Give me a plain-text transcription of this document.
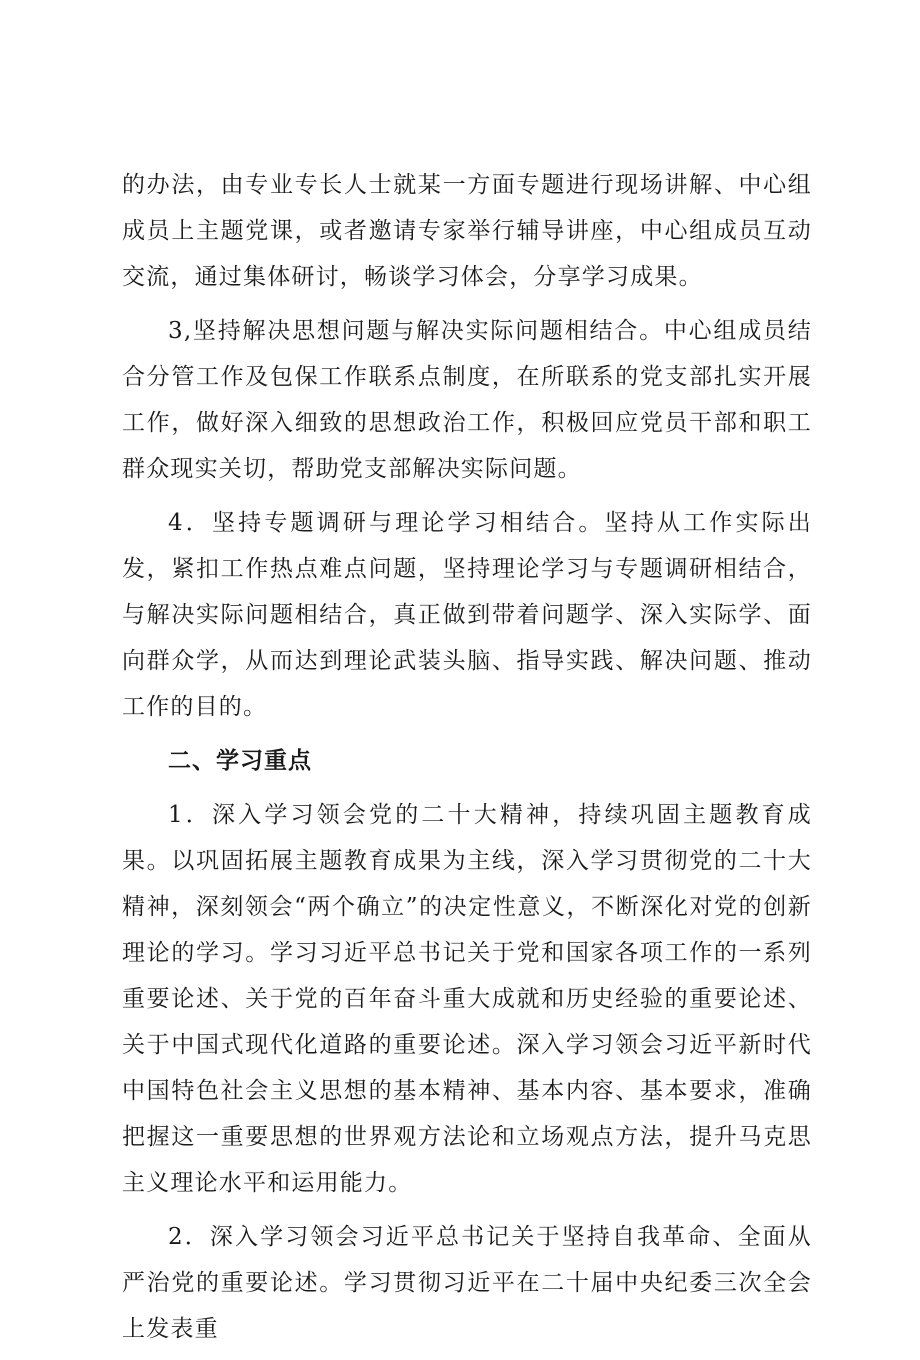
的办法，由专业专长人士就某一方面专题进行现场讲解、中心组成员上主题党课，或者邀请专家举行辅导讲座，中心组成员互动交流，通过集体研讨，畅谈学习体会，分享学习成果。

3,坚持解决思想问题与解决实际问题相结合。中心组成员结合分管工作及包保工作联系点制度，在所联系的党支部扎实开展工作，做好深入细致的思想政治工作，积极回应党员干部和职工群众现实关切，帮助党支部解决实际问题。

4．坚持专题调研与理论学习相结合。坚持从工作实际出发，紧扣工作热点难点问题，坚持理论学习与专题调研相结合，与解决实际问题相结合，真正做到带着问题学、深入实际学、面向群众学，从而达到理论武装头脑、指导实践、解决问题、推动工作的目的。

二、学习重点

1．深入学习领会党的二十大精神，持续巩固主题教育成果。以巩固拓展主题教育成果为主线，深入学习贯彻党的二十大精神，深刻领会“两个确立”的决定性意义，不断深化对党的创新理论的学习。学习习近平总书记关于党和国家各项工作的一系列重要论述、关于党的百年奋斗重大成就和历史经验的重要论述、关于中国式现代化道路的重要论述。深入学习领会习近平新时代中国特色社会主义思想的基本精神、基本内容、基本要求，准确把握这一重要思想的世界观方法论和立场观点方法，提升马克思主义理论水平和运用能力。

2．深入学习领会习近平总书记关于坚持自我革命、全面从严治党的重要论述。学习贯彻习近平在二十届中央纪委三次全会上发表重
